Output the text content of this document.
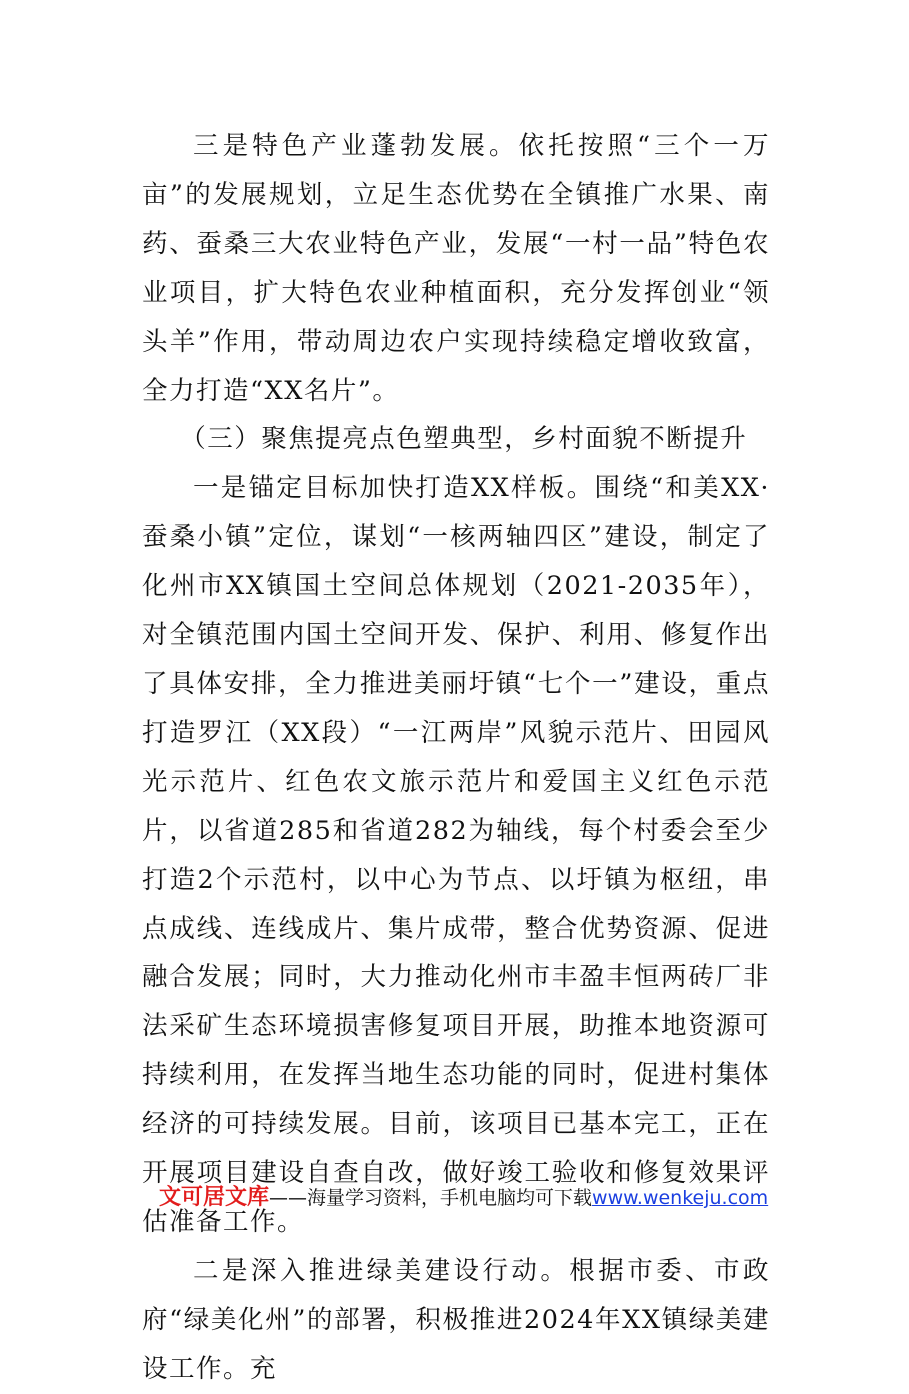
三是特色产业蓬勃发展。依托按照“三个一万亩”的发展规划，立足生态优势在全镇推广水果、南药、蚕桑三大农业特色产业，发展“一村一品”特色农业项目，扩大特色农业种植面积，充分发挥创业“领头羊”作用，带动周边农户实现持续稳定增收致富，全力打造“XX名片”。

（三）聚焦提亮点色塑典型，乡村面貌不断提升

一是锚定目标加快打造XX样板。围绕“和美XX·蚕桑小镇”定位，谋划“一核两轴四区”建设，制定了化州市XX镇国土空间总体规划（2021-2035年），对全镇范围内国土空间开发、保护、利用、修复作出了具体安排，全力推进美丽圩镇“七个一”建设，重点打造罗江（XX段）“一江两岸”风貌示范片、田园风光示范片、红色农文旅示范片和爱国主义红色示范片，以省道285和省道282为轴线，每个村委会至少打造2个示范村，以中心为节点、以圩镇为枢纽，串点成线、连线成片、集片成带，整合优势资源、促进融合发展；同时，大力推动化州市丰盈丰恒两砖厂非法采矿生态环境损害修复项目开展，助推本地资源可持续利用，在发挥当地生态功能的同时，促进村集体经济的可持续发展。目前，该项目已基本完工，正在开展项目建设自查自改，做好竣工验收和修复效果评估准备工作。

二是深入推进绿美建设行动。根据市委、市政府“绿美化州”的部署，积极推进2024年XX镇绿美建设工作。充

文可居文库——海量学习资料，手机电脑均可下载www.wenkeju.com
